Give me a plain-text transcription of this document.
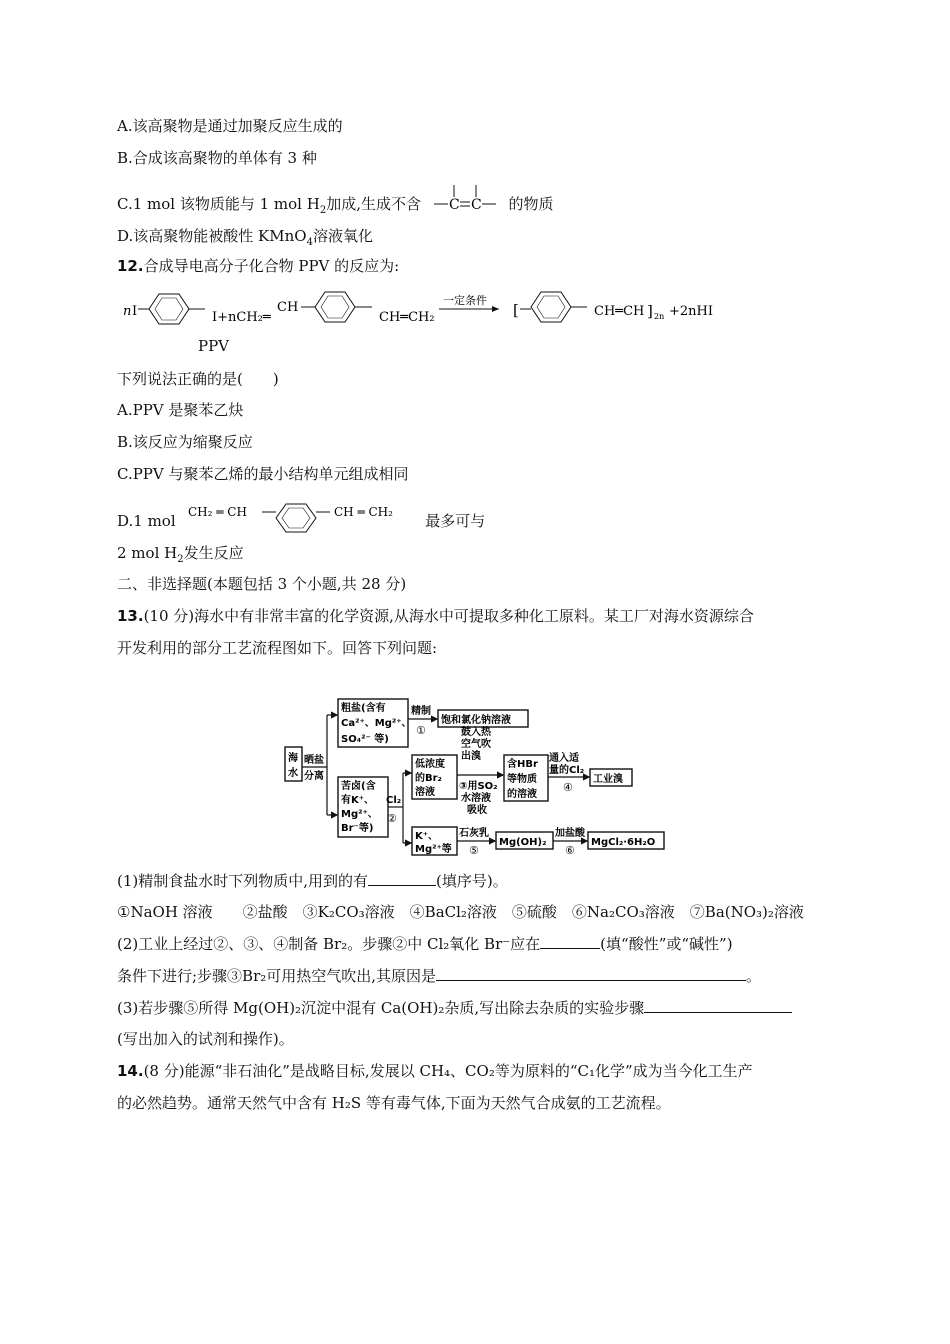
A.该高聚物是通过加聚反应生成的
B.合成该高聚物的单体有 3 种
C.1 mol 该物质能与 1 mol $H_2$加成,生成不含 C C 的物质
D.该高聚物能被酸性 KMnO$_4$溶液氧化
12.合成导电高分子化合物 PPV 的反应为:
n I	I+nCH₂═
CH
CH═CH₂
一定条件
[	CH═CH ] 2n +2nHI
PPV
下列说法正确的是(　　)
A.PPV 是聚苯乙炔
B.该反应为缩聚反应
C.PPV 与聚苯乙烯的最小结构单元组成相同
D.1 mol CH₂ ═ CH	CH ═ CH₂ 最多可与
2 mol $H_2$发生反应
二、非选择题(本题包括 3 个小题,共 28 分)
13.(10 分)海水中有非常丰富的化学资源,从海水中可提取多种化工原料。某工厂对海水资源综合
开发利用的部分工艺流程图如下。回答下列问题:
海
水
晒盐
分离
粗盐(含有
Ca²⁺、Mg²⁺、
SO₄²⁻ 等)
精制
①
饱和氯化钠溶液
苦卤(含
有K⁺、
Mg²⁺、
Br⁻等)
Cl₂
②
低浓度
的Br₂
溶液
鼓入热
空气吹
出溴
③用SO₂
水溶液
吸收
含HBr
等物质
的溶液
通入适
量的Cl₂
④
工业溴
K⁺、
Mg²⁺等
石灰乳
⑤
Mg(OH)₂
加盐酸
⑥
MgCl₂·6H₂O
(1)精制食盐水时下列物质中,用到的有	(填序号)。
①NaOH 溶液　　②盐酸　③K₂CO₃溶液　④BaCl₂溶液　⑤硫酸　⑥Na₂CO₃溶液　⑦Ba(NO₃)₂溶液
(2)工业上经过②、③、④制备 Br₂。步骤②中 Cl₂氧化 Br⁻应在	(填“酸性”或“碱性”)
条件下进行;步骤③Br₂可用热空气吹出,其原因是	。
(3)若步骤⑤所得 Mg(OH)₂沉淀中混有 Ca(OH)₂杂质,写出除去杂质的实验步骤
(写出加入的试剂和操作)。
14.(8 分)能源“非石油化”是战略目标,发展以 CH₄、CO₂等为原料的“C₁化学”成为当今化工生产
的必然趋势。通常天然气中含有 H₂S 等有毒气体,下面为天然气合成氨的工艺流程。
